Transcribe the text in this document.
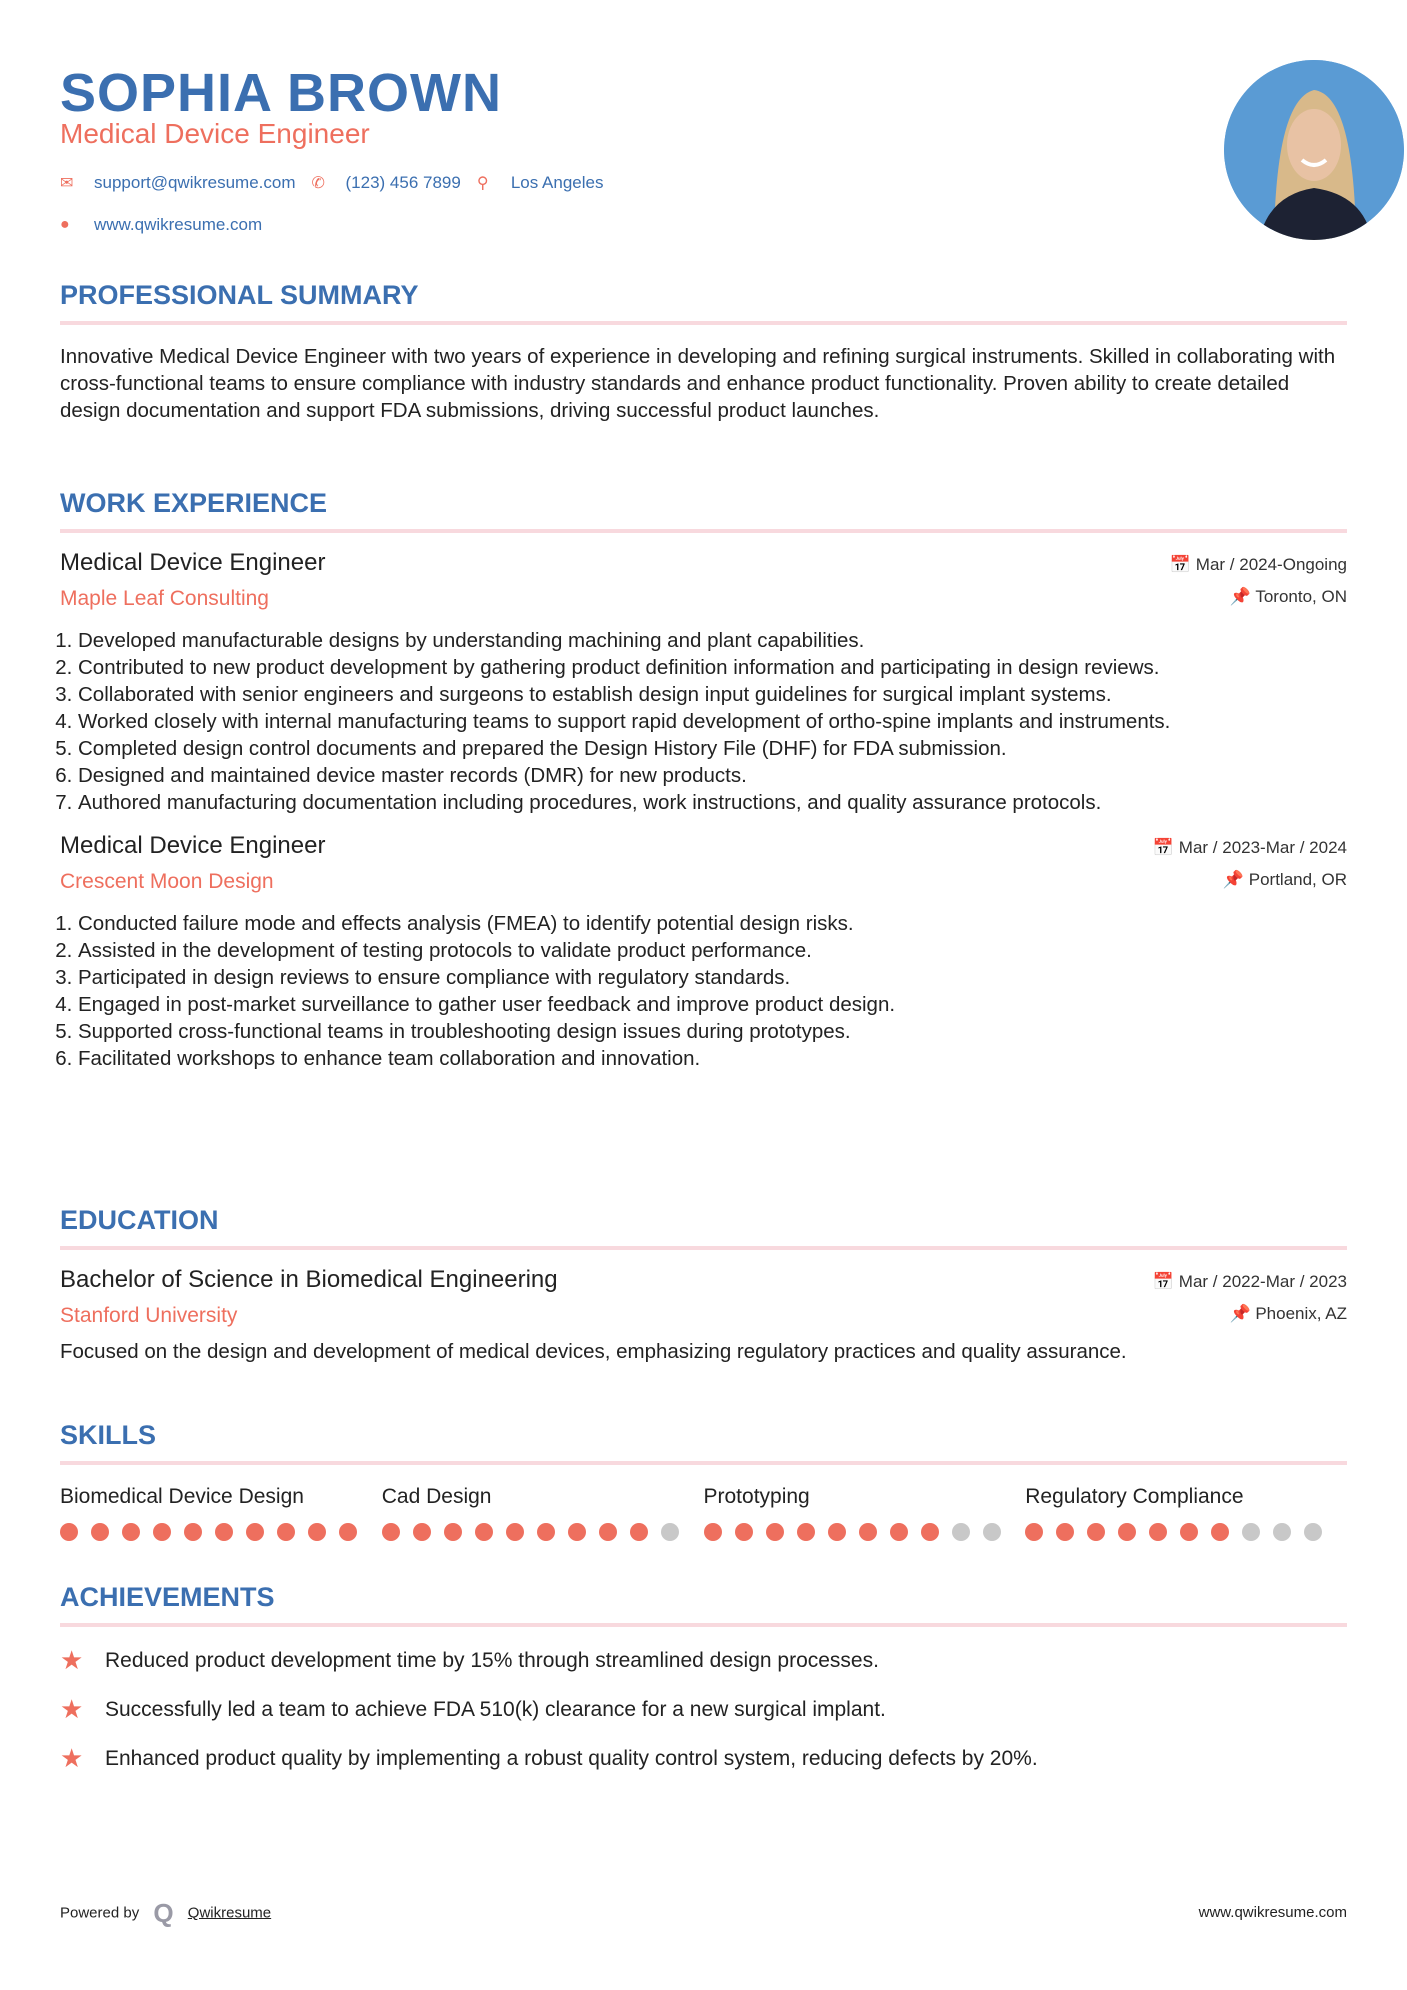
SOPHIA BROWN
Medical Device Engineer
✉	support@qwikresume.com ✆	(123) 456 7899 ⚲	Los Angeles
●	www.qwikresume.com
PROFESSIONAL SUMMARY

Innovative Medical Device Engineer with two years of experience in developing and refining surgical instruments. Skilled in collaborating with cross-functional teams to ensure compliance with industry standards and enhance product functionality. Proven ability to create detailed design documentation and support FDA submissions, driving successful product launches.

WORK EXPERIENCE
Medical Device Engineer
Maple Leaf Consulting
📅 Mar / 2024-Ongoing
📌 Toronto, ON
1. Developed manufacturable designs by understanding machining and plant capabilities.
2. Contributed to new product development by gathering product definition information and participating in design reviews.
3. Collaborated with senior engineers and surgeons to establish design input guidelines for surgical implant systems.
4. Worked closely with internal manufacturing teams to support rapid development of ortho-spine implants and instruments.
5. Completed design control documents and prepared the Design History File (DHF) for FDA submission.
6. Designed and maintained device master records (DMR) for new products.
7. Authored manufacturing documentation including procedures, work instructions, and quality assurance protocols.
Medical Device Engineer
Crescent Moon Design
📅 Mar / 2023-Mar / 2024
📌 Portland, OR
1. Conducted failure mode and effects analysis (FMEA) to identify potential design risks.
2. Assisted in the development of testing protocols to validate product performance.
3. Participated in design reviews to ensure compliance with regulatory standards.
4. Engaged in post-market surveillance to gather user feedback and improve product design.
5. Supported cross-functional teams in troubleshooting design issues during prototypes.
6. Facilitated workshops to enhance team collaboration and innovation.
EDUCATION
Bachelor of Science in Biomedical Engineering
Stanford University
📅 Mar / 2022-Mar / 2023
📌 Phoenix, AZ

Focused on the design and development of medical devices, emphasizing regulatory practices and quality assurance.

SKILLS
Biomedical Device Design	Cad Design	Prototyping	Regulatory Compliance
ACHIEVEMENTS
★	Reduced product development time by 15% through streamlined design processes.
★	Successfully led a team to achieve FDA 510(k) clearance for a new surgical implant.
★	Enhanced product quality by implementing a robust quality control system, reducing defects by 20%.
Powered by Q Qwikresume	www.qwikresume.com
